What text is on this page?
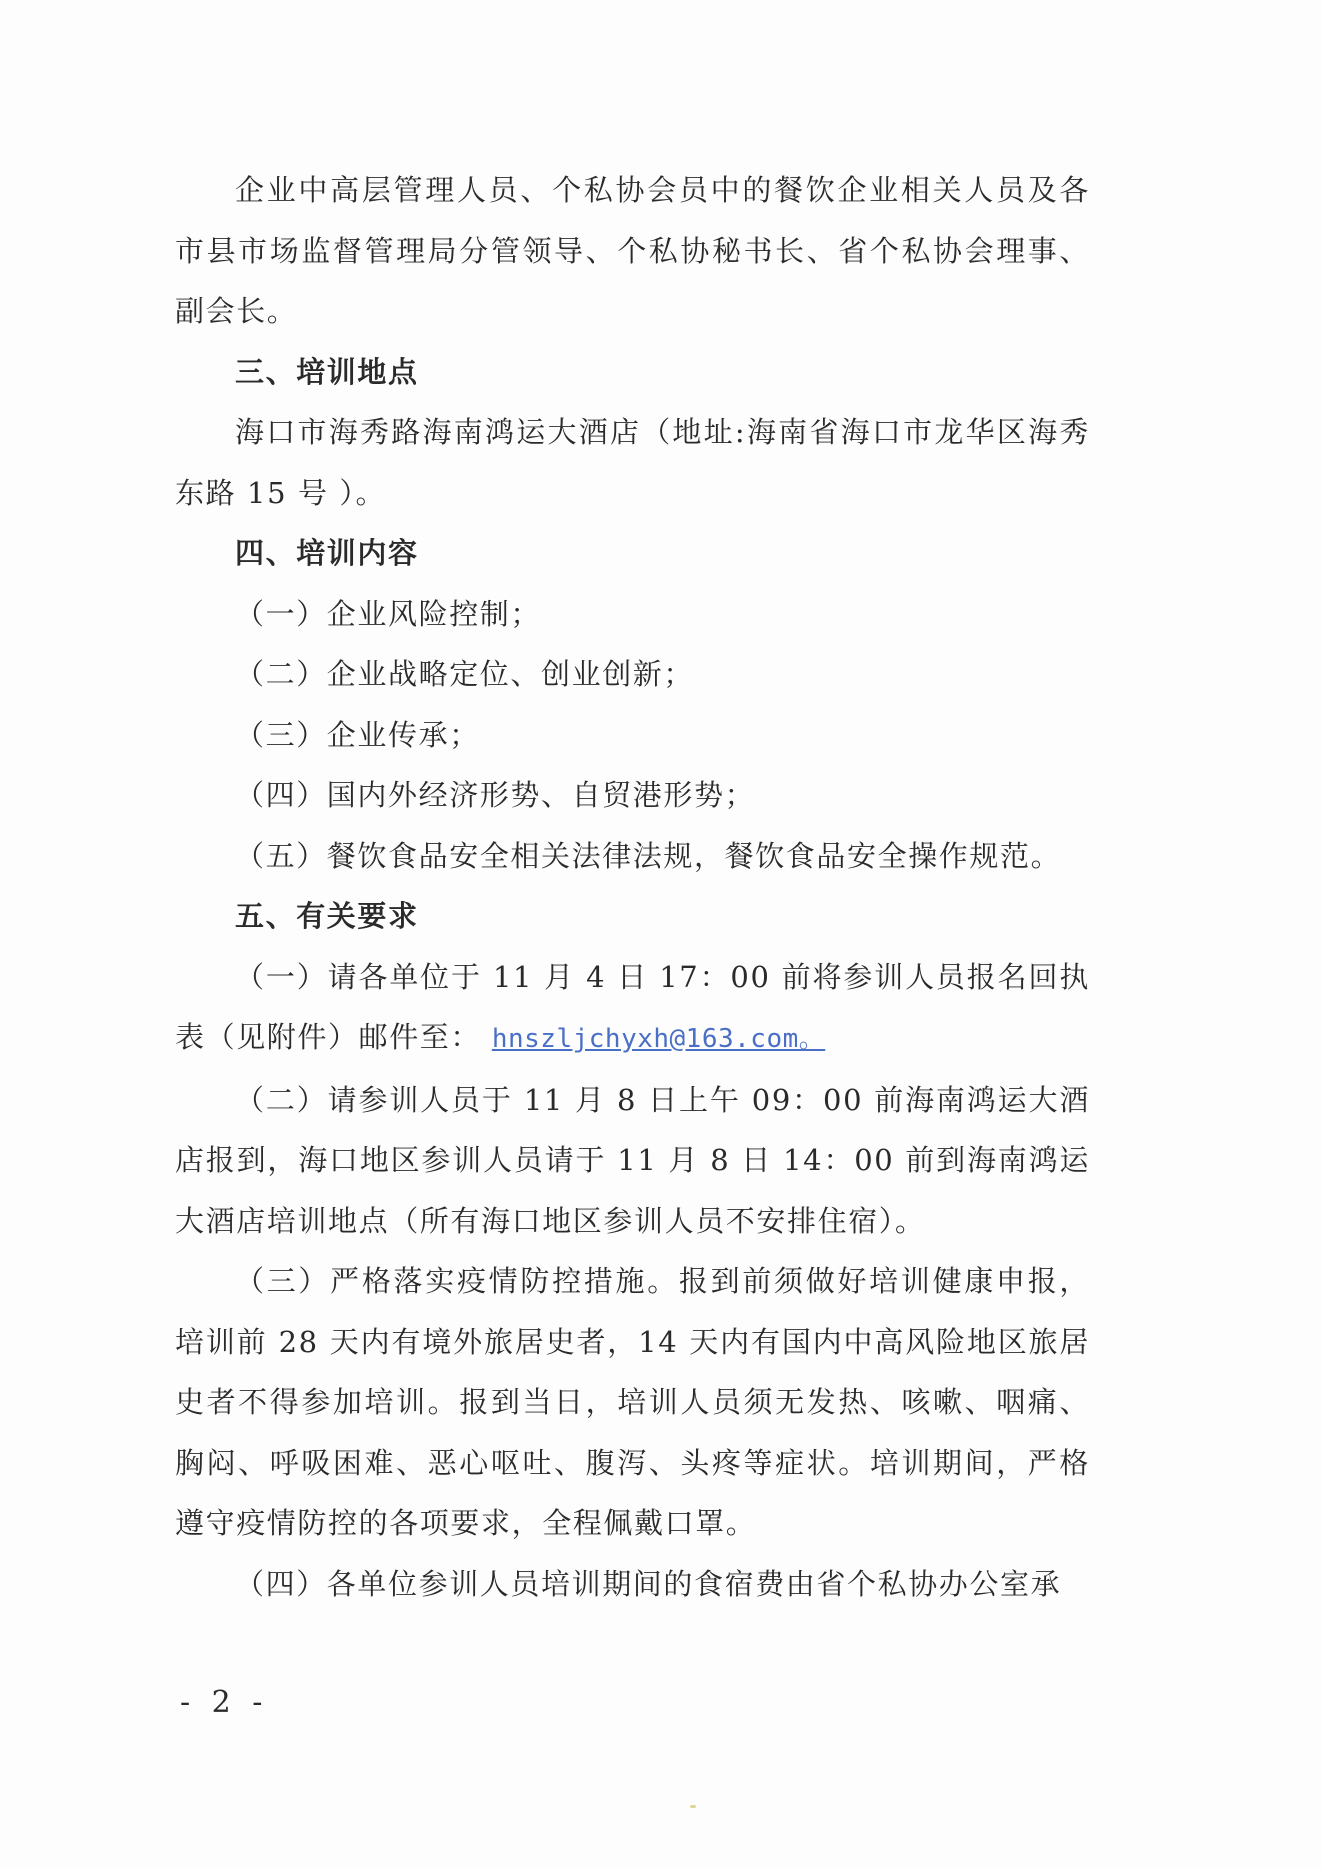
企业中高层管理人员、个私协会员中的餐饮企业相关人员及各市县市场监督管理局分管领导、个私协秘书长、省个私协会理事、副会长。

三、培训地点

海口市海秀路海南鸿运大酒店（地址:海南省海口市龙华区海秀东路 15 号 ）。

四、培训内容

（一）企业风险控制；

（二）企业战略定位、创业创新；

（三）企业传承；

（四）国内外经济形势、自贸港形势；

（五）餐饮食品安全相关法律法规，餐饮食品安全操作规范。

五、有关要求

（一）请各单位于 11 月 4 日 17：00 前将参训人员报名回执表（见附件）邮件至： hnszljchyxh@163.com。

（二）请参训人员于 11 月 8 日上午 09：00 前海南鸿运大酒店报到，海口地区参训人员请于 11 月 8 日 14：00 前到海南鸿运大酒店培训地点（所有海口地区参训人员不安排住宿）。

（三）严格落实疫情防控措施。报到前须做好培训健康申报，培训前 28 天内有境外旅居史者，14 天内有国内中高风险地区旅居史者不得参加培训。报到当日，培训人员须无发热、咳嗽、咽痛、胸闷、呼吸困难、恶心呕吐、腹泻、头疼等症状。培训期间，严格遵守疫情防控的各项要求，全程佩戴口罩。

（四）各单位参训人员培训期间的食宿费由省个私协办公室承

- 2 -
